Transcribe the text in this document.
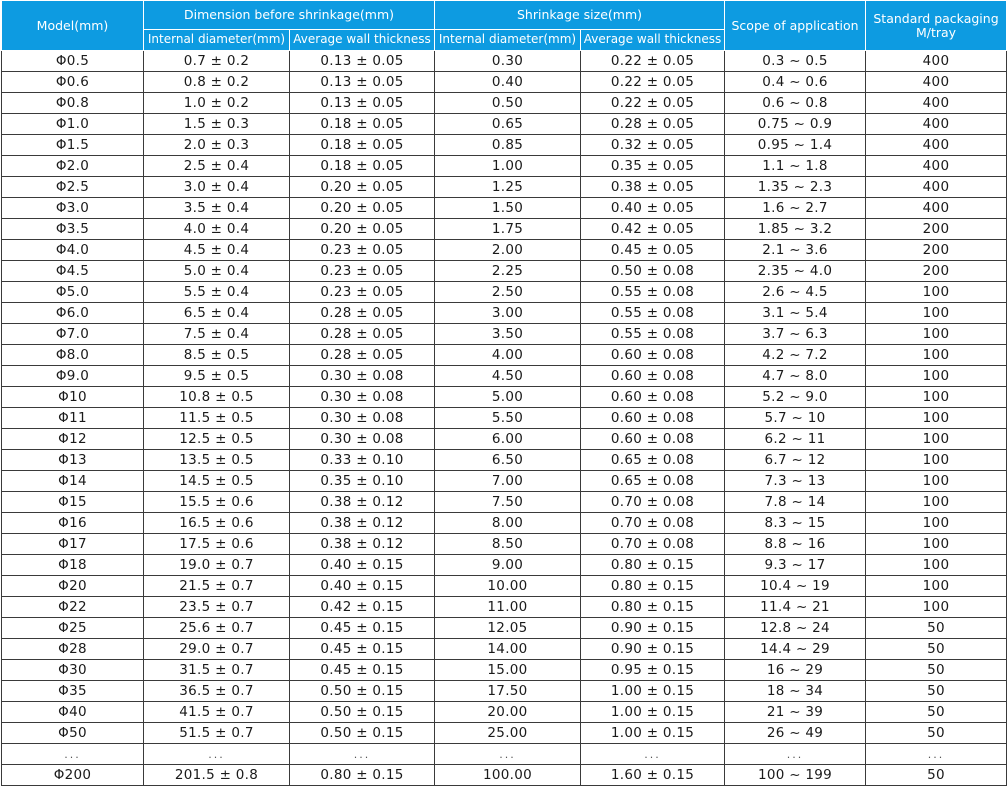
Model(mm)	Dimension before shrinkage(mm)		Shrinkage size(mm)		Scope of application	Standard packaging M/tray
	Internal diameter(mm)	Average wall thickness	Internal diameter(mm)	Average wall thickness		
Φ0.5	0.7 ± 0.2	0.13 ± 0.05	0.30	0.22 ± 0.05	0.3 ~ 0.5	400
Φ0.6	0.8 ± 0.2	0.13 ± 0.05	0.40	0.22 ± 0.05	0.4 ~ 0.6	400
Φ0.8	1.0 ± 0.2	0.13 ± 0.05	0.50	0.22 ± 0.05	0.6 ~ 0.8	400
Φ1.0	1.5 ± 0.3	0.18 ± 0.05	0.65	0.28 ± 0.05	0.75 ~ 0.9	400
Φ1.5	2.0 ± 0.3	0.18 ± 0.05	0.85	0.32 ± 0.05	0.95 ~ 1.4	400
Φ2.0	2.5 ± 0.4	0.18 ± 0.05	1.00	0.35 ± 0.05	1.1 ~ 1.8	400
Φ2.5	3.0 ± 0.4	0.20 ± 0.05	1.25	0.38 ± 0.05	1.35 ~ 2.3	400
Φ3.0	3.5 ± 0.4	0.20 ± 0.05	1.50	0.40 ± 0.05	1.6 ~ 2.7	400
Φ3.5	4.0 ± 0.4	0.20 ± 0.05	1.75	0.42 ± 0.05	1.85 ~ 3.2	200
Φ4.0	4.5 ± 0.4	0.23 ± 0.05	2.00	0.45 ± 0.05	2.1 ~ 3.6	200
Φ4.5	5.0 ± 0.4	0.23 ± 0.05	2.25	0.50 ± 0.08	2.35 ~ 4.0	200
Φ5.0	5.5 ± 0.4	0.23 ± 0.05	2.50	0.55 ± 0.08	2.6 ~ 4.5	100
Φ6.0	6.5 ± 0.4	0.28 ± 0.05	3.00	0.55 ± 0.08	3.1 ~ 5.4	100
Φ7.0	7.5 ± 0.4	0.28 ± 0.05	3.50	0.55 ± 0.08	3.7 ~ 6.3	100
Φ8.0	8.5 ± 0.5	0.28 ± 0.05	4.00	0.60 ± 0.08	4.2 ~ 7.2	100
Φ9.0	9.5 ± 0.5	0.30 ± 0.08	4.50	0.60 ± 0.08	4.7 ~ 8.0	100
Φ10	10.8 ± 0.5	0.30 ± 0.08	5.00	0.60 ± 0.08	5.2 ~ 9.0	100
Φ11	11.5 ± 0.5	0.30 ± 0.08	5.50	0.60 ± 0.08	5.7 ~ 10	100
Φ12	12.5 ± 0.5	0.30 ± 0.08	6.00	0.60 ± 0.08	6.2 ~ 11	100
Φ13	13.5 ± 0.5	0.33 ± 0.10	6.50	0.65 ± 0.08	6.7 ~ 12	100
Φ14	14.5 ± 0.5	0.35 ± 0.10	7.00	0.65 ± 0.08	7.3 ~ 13	100
Φ15	15.5 ± 0.6	0.38 ± 0.12	7.50	0.70 ± 0.08	7.8 ~ 14	100
Φ16	16.5 ± 0.6	0.38 ± 0.12	8.00	0.70 ± 0.08	8.3 ~ 15	100
Φ17	17.5 ± 0.6	0.38 ± 0.12	8.50	0.70 ± 0.08	8.8 ~ 16	100
Φ18	19.0 ± 0.7	0.40 ± 0.15	9.00	0.80 ± 0.15	9.3 ~ 17	100
Φ20	21.5 ± 0.7	0.40 ± 0.15	10.00	0.80 ± 0.15	10.4 ~ 19	100
Φ22	23.5 ± 0.7	0.42 ± 0.15	11.00	0.80 ± 0.15	11.4 ~ 21	100
Φ25	25.6 ± 0.7	0.45 ± 0.15	12.05	0.90 ± 0.15	12.8 ~ 24	50
Φ28	29.0 ± 0.7	0.45 ± 0.15	14.00	0.90 ± 0.15	14.4 ~ 29	50
Φ30	31.5 ± 0.7	0.45 ± 0.15	15.00	0.95 ± 0.15	16 ~ 29	50
Φ35	36.5 ± 0.7	0.50 ± 0.15	17.50	1.00 ± 0.15	18 ~ 34	50
Φ40	41.5 ± 0.7	0.50 ± 0.15	20.00	1.00 ± 0.15	21 ~ 39	50
Φ50	51.5 ± 0.7	0.50 ± 0.15	25.00	1.00 ± 0.15	26 ~ 49	50
...	...	...	...	...	...	...
Φ200	201.5 ± 0.8	0.80 ± 0.15	100.00	1.60 ± 0.15	100 ~ 199	50
